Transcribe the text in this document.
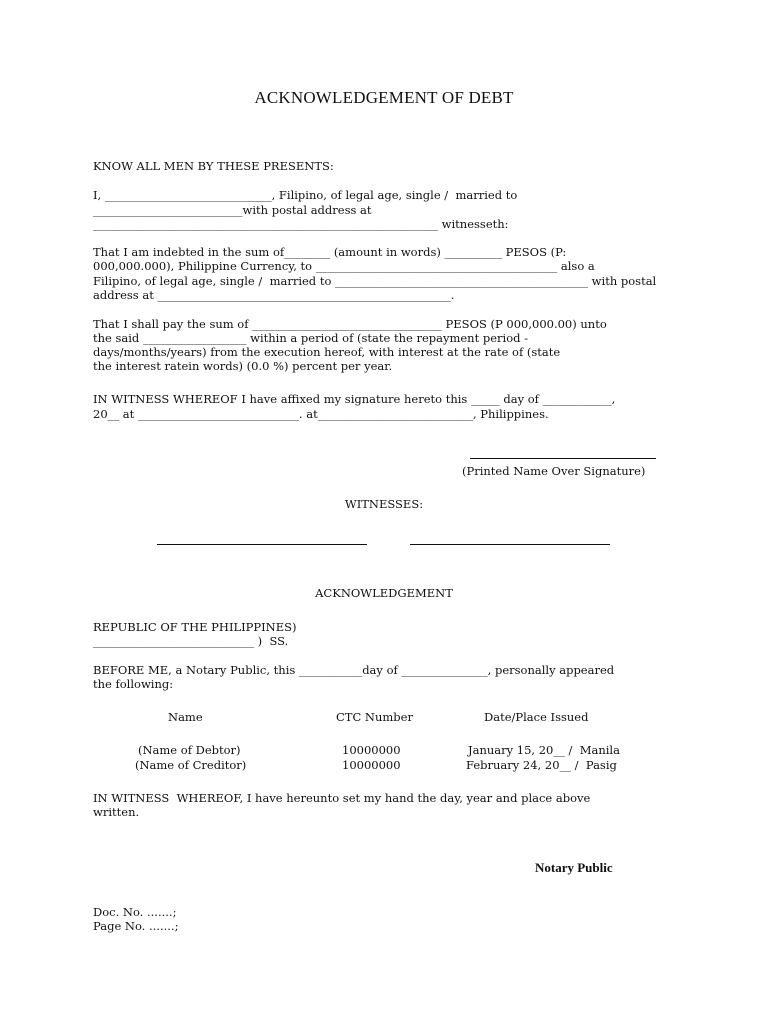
ACKNOWLEDGEMENT OF DEBT
KNOW ALL MEN BY THESE PRESENTS:
I, _____________________________, Filipino, of legal age, single /  married to
__________________________with postal address at
____________________________________________________________ witnesseth:
That I am indebted in the sum of________ (amount in words) __________ PESOS (P:
000,000.000), Philippine Currency, to __________________________________________ also a
Filipino, of legal age, single /  married to ____________________________________________ with postal
address at ___________________________________________________.
That I shall pay the sum of _________________________________ PESOS (P 000,000.00) unto
the said __________________ within a period of (state the repayment period -
days/months/years) from the execution hereof, with interest at the rate of (state
the interest ratein words) (0.0 %) percent per year.
IN WITNESS WHEREOF I have affixed my signature hereto this _____ day of ____________,
20__ at ____________________________. at___________________________, Philippines.
(Printed Name Over Signature)
WITNESSES:
ACKNOWLEDGEMENT
REPUBLIC OF THE PHILIPPINES)
____________________________ )  SS.
BEFORE ME, a Notary Public, this ___________day of _______________, personally appeared
the following:
Name	CTC Number	Date/Place Issued
(Name of Debtor)	10000000	January 15, 20__ /  Manila
(Name of Creditor)	10000000	February 24, 20__ /  Pasig
IN WITNESS  WHEREOF, I have hereunto set my hand the day, year and place above
written.
Notary Public
Doc. No. .......;
Page No. .......;
